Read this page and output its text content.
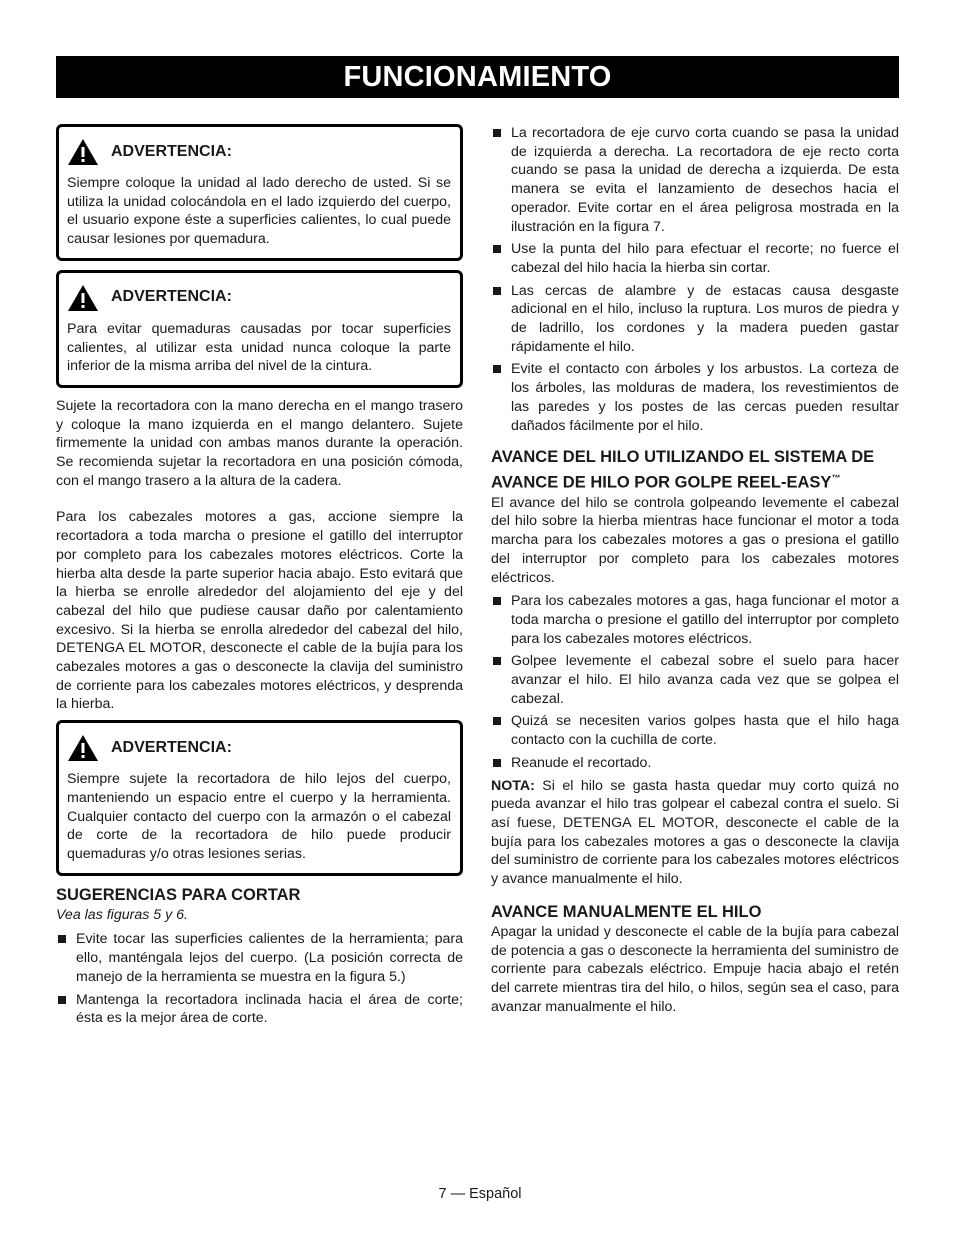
FUNCIONAMIENTO
ADVERTENCIA:

Siempre coloque la unidad al lado derecho de usted. Si se utiliza la unidad colocándola en el lado izquierdo del cuerpo, el usuario expone éste a superficies calientes, lo cual puede causar lesiones por quemadura.

ADVERTENCIA:

Para evitar quemaduras causadas por tocar superficies calientes, al utilizar esta unidad nunca coloque la parte inferior de la misma arriba del nivel de la cintura.

Sujete la recortadora con la mano derecha en el mango trasero y coloque la mano izquierda en el mango delantero. Sujete firmemente la unidad con ambas manos durante la operación. Se recomienda sujetar la recortadora en una posición cómoda, con el mango trasero a la altura de la cadera.

Para los cabezales motores a gas, accione siempre la recortadora a toda marcha o presione el gatillo del interruptor por completo para los cabezales motores eléctricos. Corte la hierba alta desde la parte superior hacia abajo. Esto evitará que la hierba se enrolle alrededor del alojamiento del eje y del cabezal del hilo que pudiese causar daño por calentamiento excesivo. Si la hierba se enrolla alrededor del cabezal del hilo, DETENGA EL MOTOR, desconecte el cable de la bujía para los cabezales motores a gas o desconecte la clavija del suministro de corriente para los cabezales motores eléctricos, y desprenda la hierba.

ADVERTENCIA:

Siempre sujete la recortadora de hilo lejos del cuerpo, manteniendo un espacio entre el cuerpo y la herramienta. Cualquier contacto del cuerpo con la armazón o el cabezal de corte de la recortadora de hilo puede producir quemaduras y/o otras lesiones serias.

SUGERENCIAS PARA CORTAR

Vea las figuras 5 y 6.

Evite tocar las superficies calientes de la herramienta; para ello, manténgala lejos del cuerpo. (La posición correcta de manejo de la herramienta se muestra en la figura 5.)
Mantenga la recortadora inclinada hacia el área de corte; ésta es la mejor área de corte.
La recortadora de eje curvo corta cuando se pasa la unidad de izquierda a derecha. La recortadora de eje recto corta cuando se pasa la unidad de derecha a izquierda. De esta manera se evita el lanzamiento de desechos hacia el operador. Evite cortar en el área peligrosa mostrada en la ilustración en la figura 7.
Use la punta del hilo para efectuar el recorte; no fuerce el cabezal del hilo hacia la hierba sin cortar.
Las cercas de alambre y de estacas causa desgaste adicional en el hilo, incluso la ruptura. Los muros de piedra y de ladrillo, los cordones y la madera pueden gastar rápidamente el hilo.
Evite el contacto con árboles y los arbustos. La corteza de los árboles, las molduras de madera, los revestimientos de las paredes y los postes de las cercas pueden resultar dañados fácilmente por el hilo.
AVANCE DEL HILO UTILIZANDO EL SISTEMA DE AVANCE DE HILO POR GOLPE REEL-EASY™

El avance del hilo se controla golpeando levemente el cabezal del hilo sobre la hierba mientras hace funcionar el motor a toda marcha para los cabezales motores a gas o presiona el gatillo del interruptor por completo para los cabezales motores eléctricos.

Para los cabezales motores a gas, haga funcionar el motor a toda marcha o presione el gatillo del interruptor por completo para los cabezales motores eléctricos.
Golpee levemente el cabezal sobre el suelo para hacer avanzar el hilo. El hilo avanza cada vez que se golpea el cabezal.
Quizá se necesiten varios golpes hasta que el hilo haga contacto con la cuchilla de corte.
Reanude el recortado.

NOTA: Si el hilo se gasta hasta quedar muy corto quizá no pueda avanzar el hilo tras golpear el cabezal contra el suelo. Si así fuese, DETENGA EL MOTOR, desconecte el cable de la bujía para los cabezales motores a gas o desconecte la clavija del suministro de corriente para los cabezales motores eléctricos y avance manualmente el hilo.

AVANCE MANUALMENTE EL HILO

Apagar la unidad y desconecte el cable de la bujía para cabezal de potencia a gas o desconecte la herramienta del suministro de corriente para cabezals eléctrico. Empuje hacia abajo el retén del carrete mientras tira del hilo, o hilos, según sea el caso, para avanzar manualmente el hilo.

7 — Español
